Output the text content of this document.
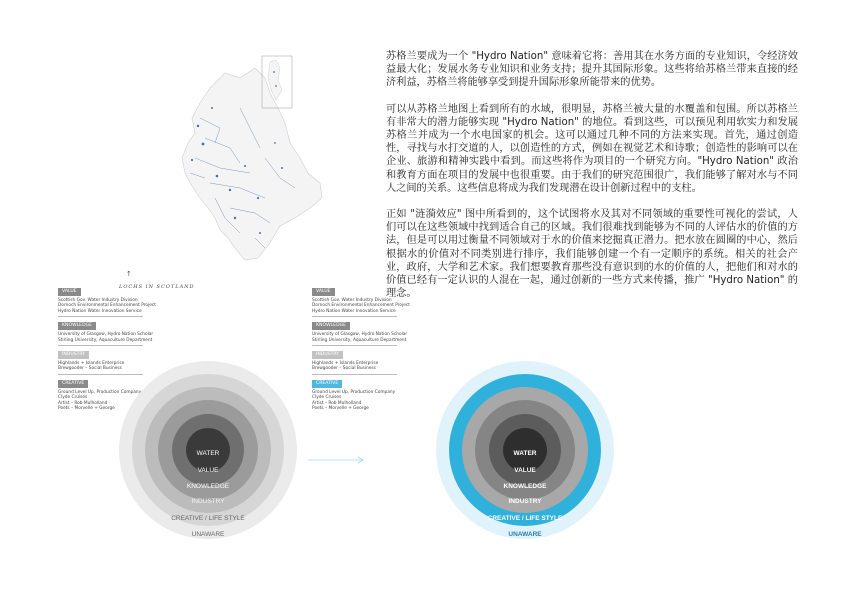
↑
LOCHS IN SCOTLAND

苏格兰要成为一个 "Hydro Nation" 意味着它将：善用其在水务方面的专业知识，令经济效益最大化；发展水务专业知识和业务支持；提升其国际形象。这些将给苏格兰带来直接的经济利益，苏格兰将能够享受到提升国际形象所能带来的优势。

可以从苏格兰地图上看到所有的水域，很明显，苏格兰被大量的水覆盖和包围。所以苏格兰有非常大的潜力能够实现 "Hydro Nation" 的地位。看到这些，可以预见利用软实力和发展苏格兰并成为一个水电国家的机会。这可以通过几种不同的方法来实现。首先，通过创造性，寻找与水打交道的人，以创造性的方式，例如在视觉艺术和诗歌；创造性的影响可以在企业、旅游和精神实践中看到。而这些将作为项目的一个研究方向。"Hydro Nation" 政治和教育方面在项目的发展中也很重要。由于我们的研究范围很广，我们能够了解对水与不同人之间的关系。这些信息将成为我们发现潜在设计创新过程中的支柱。

正如 "涟漪效应" 图中所看到的，这个试图将水及其对不同领域的重要性可视化的尝试，人们可以在这些领域中找到适合自己的区域。我们很难找到能够为不同的人评估水的价值的方法，但是可以用过衡量不同领域对于水的价值来挖掘真正潜力。把水放在圆圈的中心，然后根据水的价值对不同类别进行排序，我们能够创建一个有一定顺序的系统。相关的社会产业，政府，大学和艺术家。我们想要教育那些没有意识到的水的价值的人，把他们和对水的价值已经有一定认识的人混在一起，通过创新的一些方式来传播，推广 "Hydro Nation" 的理念。

VALUE
Scottish Gov. Water Industry Division
Dornoch Environmental Enhancement Project
Hydro Nation Water Innovation Service
KNOWLEDGE
University of Glasgow, Hydro Nation Scholar
Stirling University, Aquaculture Department
INDUSTRY
Highlands + Islands Enterprise
Brewgooder – Social Business
CREATIVE
Ground Level Up, Production Company
Clyde Cruises
Artist – Rob Mulholland
Poets – Morvelle + George
VALUE
Scottish Gov. Water Industry Division
Dornoch Environmental Enhancement Project
Hydro Nation Water Innovation Service
KNOWLEDGE
University of Glasgow, Hydro Nation Scholar
Stirling University, Aquaculture Department
INDUSTRY
Highlands + Islands Enterprise
Brewgooder – Social Business
CREATIVE
Ground Level Up, Production Company
Clyde Cruises
Artist – Rob Mulholland
Poets – Morvelle + George
WATER
VALUE
KNOWLEDGE
INDUSTRY
CREATIVE / LIFE STYLE
UNAWARE
WATER
VALUE
KNOWLEDGE
INDUSTRY
CREATIVE / LIFE STYLE
UNAWARE
